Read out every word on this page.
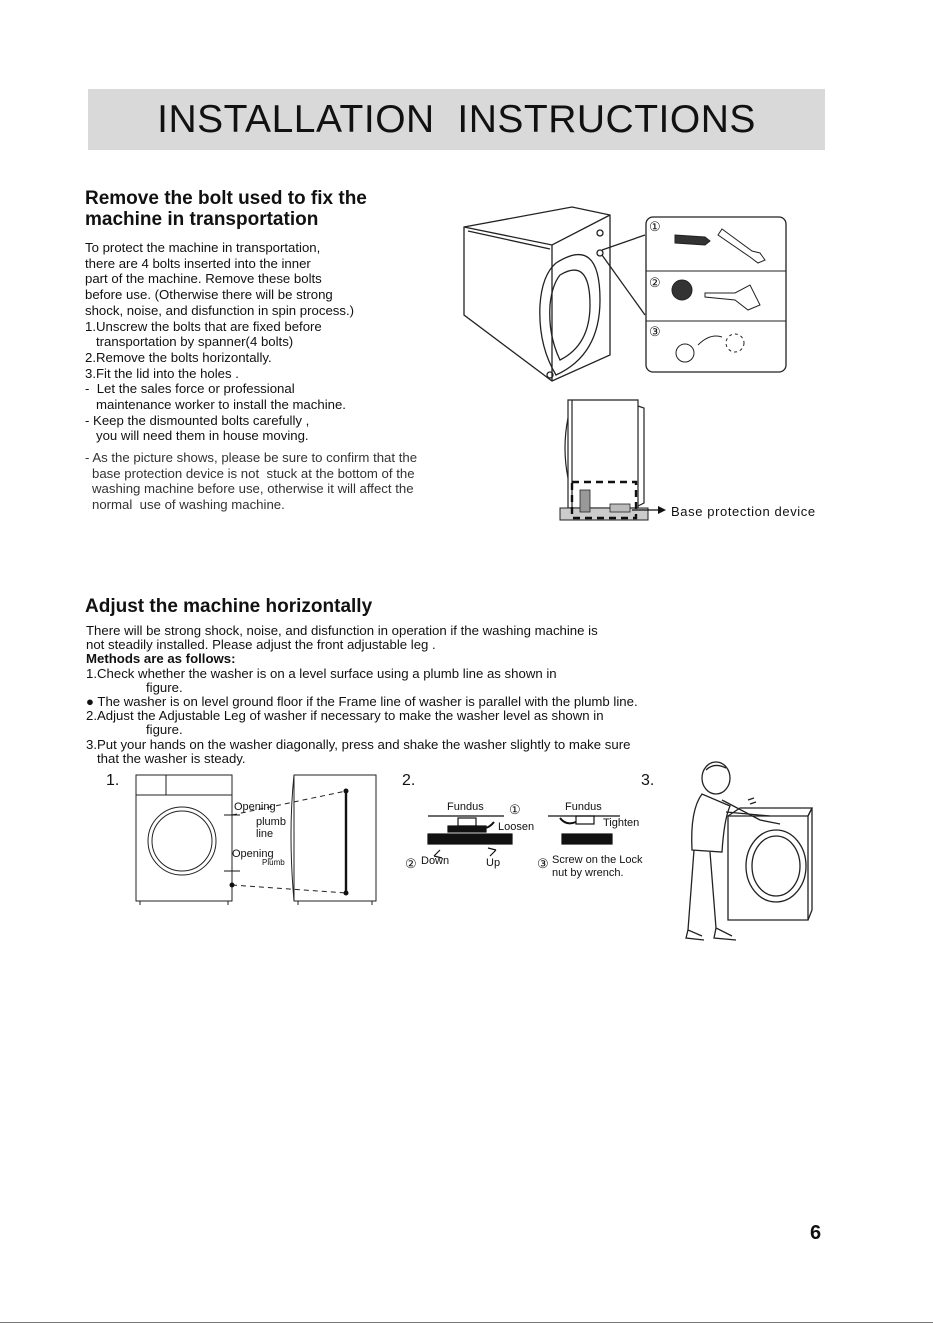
INSTALLATION  INSTRUCTIONS
Remove the bolt used to fix the
machine in transportation
To protect the machine in transportation,
there are 4 bolts inserted into the inner
part of the machine. Remove these bolts
before use. (Otherwise there will be strong
shock, noise, and disfunction in spin process.)
1.Unscrew the bolts that are fixed before
transportation by spanner(4 bolts)
2.Remove the bolts horizontally.
3.Fit the lid into the holes .
-  Let the sales force or professional
maintenance worker to install the machine.
- Keep the dismounted bolts carefully ,
you will need them in house moving.
- As the picture shows, please be sure to confirm that the
base protection device is not  stuck at the bottom of the
washing machine before use, otherwise it will affect the
normal  use of washing machine.
①
②
③
Base protection device
Adjust the machine horizontally
There will be strong shock, noise, and disfunction in operation if the washing machine is
not steadily installed. Please adjust the front adjustable leg .
Methods are as follows:
1.Check whether the washer is on a level surface using a plumb line as shown in
figure.
● The washer is on level ground floor if the Frame line of washer is parallel with the plumb line.
2.Adjust the Adjustable Leg of washer if necessary to make the washer level as shown in
figure.
3.Put your hands on the washer diagonally, press and shake the washer slightly to make sure
that the washer is steady.
1.	2.	3.
Opening
plumb
line
Opening
Plumb
Fundus ①
Loosen
Fundus
Tighten
② Down	Up	③ Screw on the Lock
nut by wrench.
6
